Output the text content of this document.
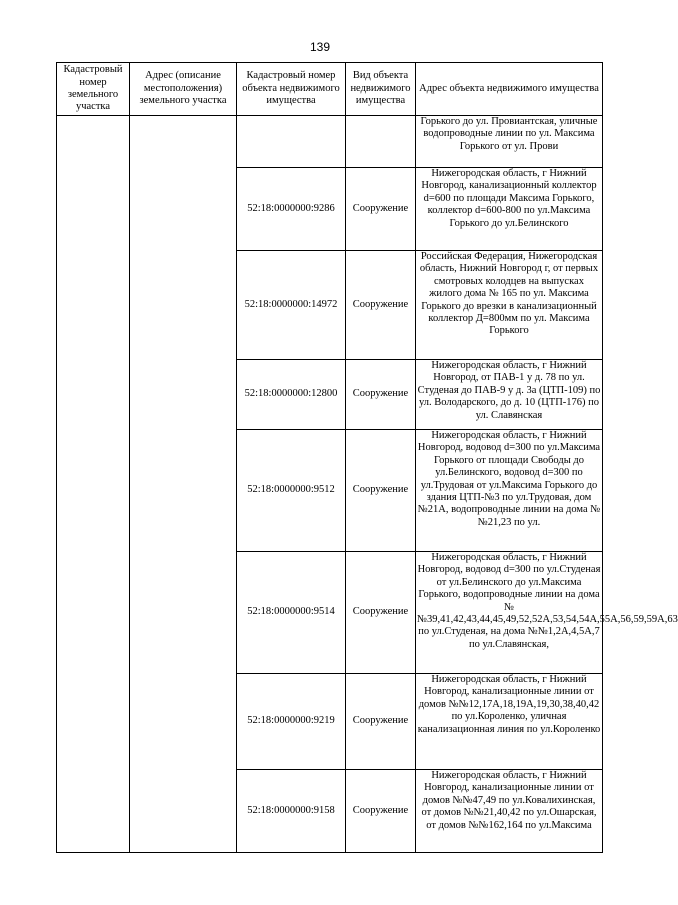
139
Кадастровый номер земельного участка	Адрес (описание местоположения) земельного участка	Кадастровый номер объекта недвижимого имущества	Вид объекта недвижимого имущества	Адрес объекта недвижимого имущества
				Горького до ул. Провиантская, уличные водопроводные линии по ул. Максима Горького от ул. Прови
		52:18:0000000:9286	Сооружение	Нижегородская область, г Нижний Новгород, канализационный коллектор d=600 по площади Максима Горького, коллектор d=600-800 по ул.Максима Горького до ул.Белинского
		52:18:0000000:14972	Сооружение	Российская Федерация, Нижегородская область, Нижний Новгород г, от первых смотровых колодцев на выпусках жилого дома № 165 по ул. Максима Горького до врезки в канализационный коллектор Д=800мм по ул. Максима Горького
		52:18:0000000:12800	Сооружение	Нижегородская область, г Нижний Новгород, от ПАВ-1 у д. 78 по ул. Студеная до ПАВ-9 у д. 3а (ЦТП-109) по ул. Володарского, до д. 10 (ЦТП-176) по ул. Славянская
		52:18:0000000:9512	Сооружение	Нижегородская область, г Нижний Новгород, водовод d=300 по ул.Максима Горького от площади Свободы до ул.Белинского, водовод d=300 по ул.Трудовая от ул.Максима Горького до здания ЦТП-№3 по ул.Трудовая, дом №21А, водопроводные линии на дома №№21,23 по ул.
		52:18:0000000:9514	Сооружение	Нижегородская область, г Нижний Новгород, водовод d=300 по ул.Студеная от ул.Белинского до ул.Максима Горького, водопроводные линии на дома №№39,41,42,43,44,45,49,52,52А,53,54,54А,55А,56,59,59А,63 по ул.Студеная, на дома №№1,2А,4,5А,7 по ул.Славянская,
		52:18:0000000:9219	Сооружение	Нижегородская область, г Нижний Новгород, канализационные линии от домов №№12,17А,18,19А,19,30,38,40,42 по ул.Короленко, уличная канализационная линия по ул.Короленко
		52:18:0000000:9158	Сооружение	Нижегородская область, г Нижний Новгород, канализационные линии от домов №№47,49 по ул.Ковалихинская, от домов №№21,40,42 по ул.Ошарская, от домов №№162,164 по ул.Максима
